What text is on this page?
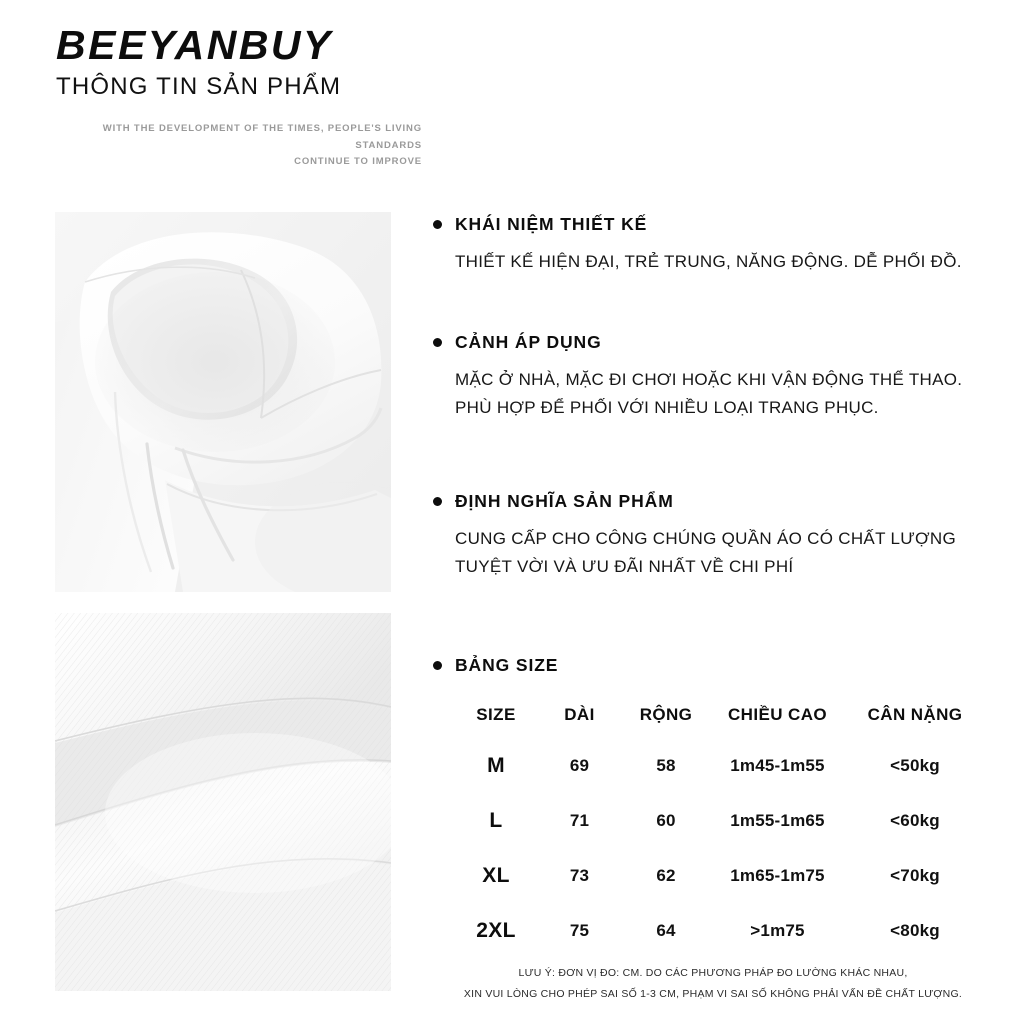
BEEYANBUY
THÔNG TIN SẢN PHẨM
WITH THE DEVELOPMENT OF THE TIMES, PEOPLE'S LIVING STANDARDS
CONTINUE TO IMPROVE
KHÁI NIỆM THIẾT KẾ
THIẾT KẾ HIỆN ĐẠI, TRẺ TRUNG, NĂNG ĐỘNG. DỄ PHỐI ĐỒ.
CẢNH ÁP DỤNG
MẶC Ở NHÀ, MẶC ĐI CHƠI HOẶC KHI VẬN ĐỘNG THỂ THAO.
PHÙ HỢP ĐỂ PHỐI VỚI NHIỀU LOẠI TRANG PHỤC.
ĐỊNH NGHĨA SẢN PHẨM
CUNG CẤP CHO CÔNG CHÚNG QUẦN ÁO CÓ CHẤT LƯỢNG
TUYỆT VỜI VÀ ƯU ĐÃI NHẤT VỀ CHI PHÍ
BẢNG SIZE
SIZE	DÀI	RỘNG	CHIỀU CAO	CÂN NẶNG
M	69	58	1m45-1m55	<50kg
L	71	60	1m55-1m65	<60kg
XL	73	62	1m65-1m75	<70kg
2XL	75	64	>1m75	<80kg
LƯU Ý: ĐƠN VỊ ĐO: CM. DO CÁC PHƯƠNG PHÁP ĐO LƯỜNG KHÁC NHAU,
XIN VUI LÒNG CHO PHÉP SAI SỐ 1-3 CM, PHẠM VI SAI SỐ KHÔNG PHẢI VẤN ĐỀ CHẤT LƯỢNG.
